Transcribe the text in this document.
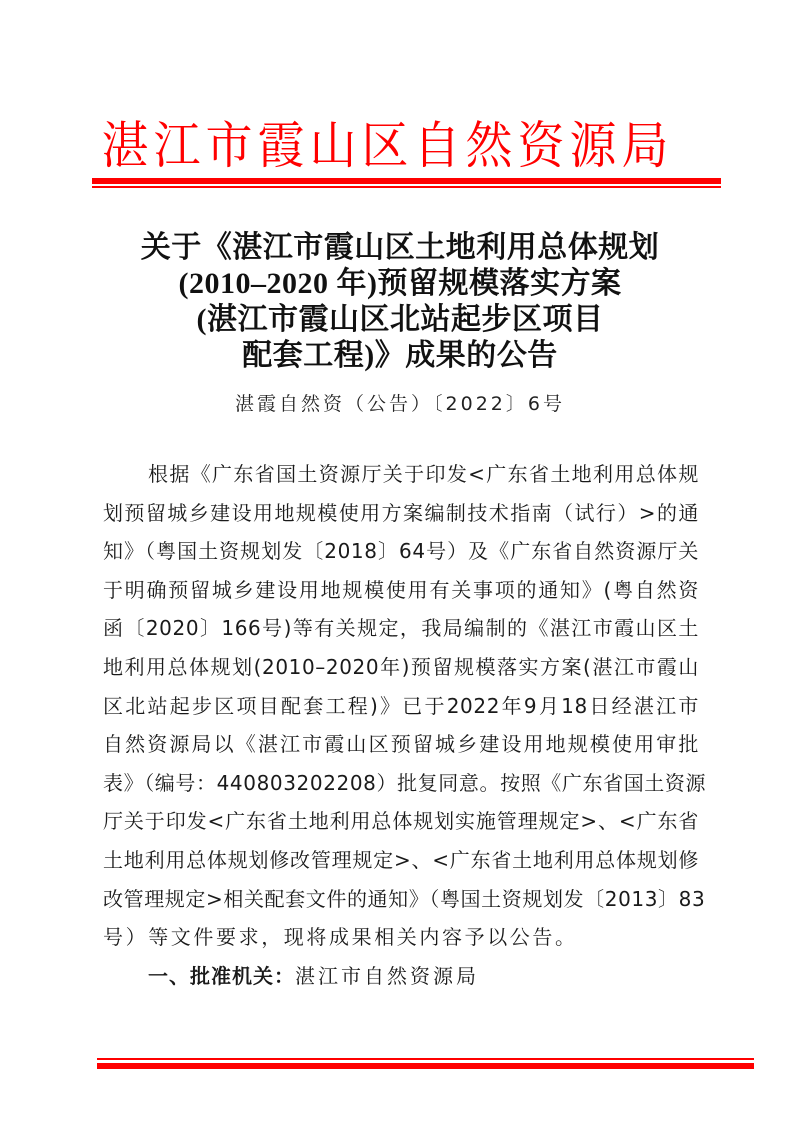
湛 江 市 霞 山 区 自 然 资 源 局
关于《湛江市霞山区土地利用总体规划
(2010–2020 年)预留规模落实方案
(湛江市霞山区北站起步区项目
配套工程)》成果的公告
湛霞自然资（公告）〔2022〕6号
根据《广东省国土资源厅关于印发<广东省土地利用总体规
划预留城乡建设用地规模使用方案编制技术指南（试行）>的通
知》（粤国土资规划发〔2018〕64号）及《广东省自然资源厅关
于明确预留城乡建设用地规模使用有关事项的通知》(粤自然资
函〔2020〕166号)等有关规定，我局编制的《湛江市霞山区土
地利用总体规划(2010–2020年)预留规模落实方案(湛江市霞山
区北站起步区项目配套工程)》已于2022年9月18日经湛江市
自然资源局以《湛江市霞山区预留城乡建设用地规模使用审批
表》（编号：440803202208）批复同意。按照《广东省国土资源
厅关于印发<广东省土地利用总体规划实施管理规定>、<广东省
土地利用总体规划修改管理规定>、<广东省土地利用总体规划修
改管理规定>相关配套文件的通知》（粤国土资规划发〔2013〕83
号）等文件要求，现将成果相关内容予以公告。
一、批准机关：湛江市自然资源局
